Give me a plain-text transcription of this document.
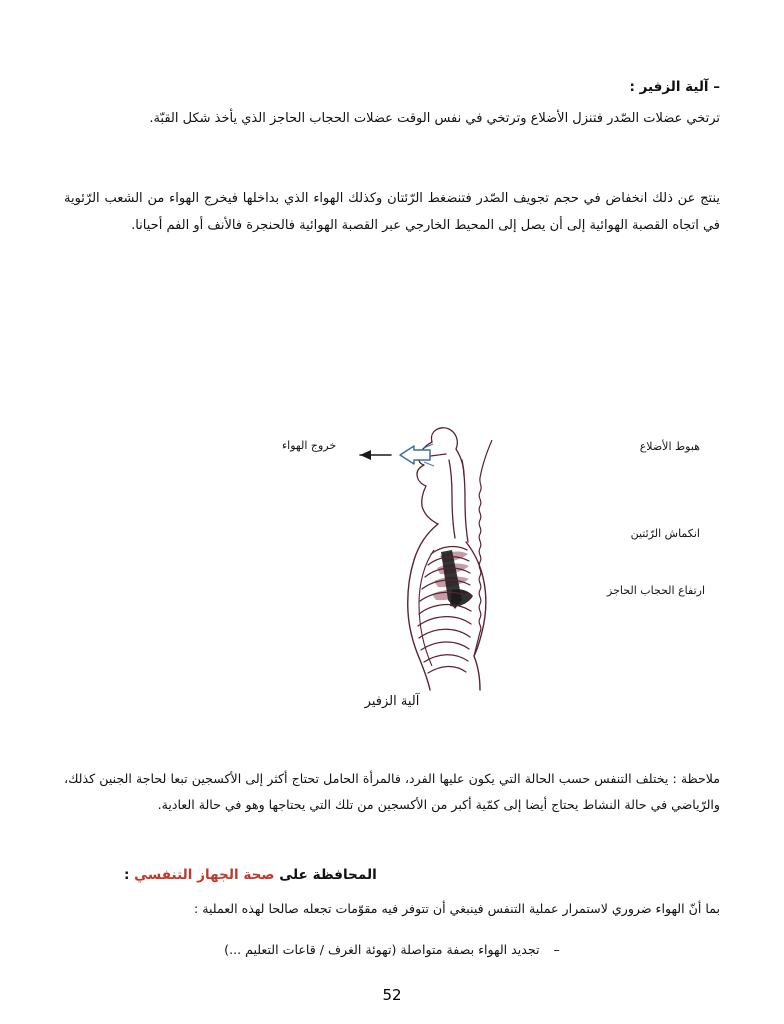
– آلية الزفير :
ترتخي عضلات الصّدر فتنزل الأضلاع وترتخي في نفس الوقت عضلات الحجاب الحاجز الذي يأخذ شكل القبّة.
ينتج عن ذلك انخفاض في حجم تجويف الصّدر فتنضغط الرّئتان وكذلك الهواء الذي بداخلها فيخرج الهواء من الشعب الرّئوية في اتجاه القصبة الهوائية إلى أن يصل إلى المحيط الخارجي عبر القصبة الهوائية فالحنجرة فالأنف أو الفم أحيانا.
هبوط الأضلاع
انكماش الرّئتين
ارتفاع الحجاب الحاجز
خروج الهواء
آلية الزفير
ملاحظة : يختلف التنفس حسب الحالة التي يكون عليها الفرد، فالمرأة الحامل تحتاج أكثر إلى الأكسجين تبعا لحاجة الجنين كذلك، والرّياضي في حالة النشاط يحتاج أيضا إلى كمّية أكبر من الأكسجين من تلك التي يحتاجها وهو في حالة العادية.
المحافظة على صحة الجهاز التنفسي :
بما أنّ الهواء ضروري لاستمرار عملية التنفس فينبغي أن تتوفر فيه مقوّمات تجعله صالحا لهذه العملية :
–تجديد الهواء بصفة متواصلة (تهوئة الغرف / قاعات التعليم ...)
52
